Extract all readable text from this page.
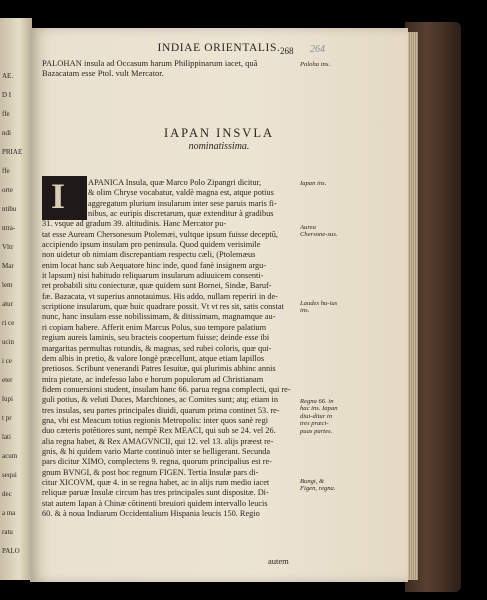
AE.
D I
ffe
ndi
PRIAE
ffe
orte
ntibu
ntra-
Vltr
Mar
lem
atur
ri ce
ucin
i ce
eter
lupi
t pr
lati
acum
sequi
dec
a ma
ratu
PALO
INDIAE ORIENTALIS. 268 264
PALOHAN insula ad Occasum harum Philippinarum iacet, quã
Bazacatam esse Ptol. vult Mercator.
Paloha ins.
IAPAN INSVLA
nominatissima.
I	APANICA Insula, quæ Marco Polo Zipangri dicitur,
& olim Chryse vocabatur, valdè magna est, atque potius
aggregatum plurium insularum inter sese paruis maris fi-
nibus, ac euripis discretarum, quæ extenditur à gradibus
31. vsque ad gradum 39. altitudinis. Hanc Mercator pu-
tat esse Auream Chersonesum Ptolemæi, vultque ipsum fuisse deceptũ,
accipiendo ipsum insulam pro peninsula. Quod quidem verisimile
non uidetur ob nimiam discrepantiam respectu cæli, (Ptolemæus
enim locat hanc sub Aequatore hinc inde, quod fanè insignem argu-
it lapsum) nisi habitudo reliquarum insularum adiuuicem consenti-
ret probabili situ coniecturæ, quæ quidem sunt Bornei, Sindæ, Baruf-
fæ. Bazacata, vt superius annotauimus. His addo, nullam reperiri in de-
scriptione insularum, quæ huic quadrare possit. Vt vt res sit, satis constat
nunc, hanc insulam esse nobilissimam, & ditissimam, magnamque au-
ri copiam habere. Afferit enim Marcus Polus, suo tempore palatium
regium aureis laminis, seu bracteis coopertum fuisse; deinde esse ibi
margaritas permultas rotundis, & magnas, sed rubei coloris, quæ qui-
dem albis in pretio, & valore longè præcellunt, atque etiam lapillos
pretiosos. Scribunt venerandi Patres Iesuitæ, qui plurimis abhinc annis
mira pietate, ac indefesso labo e horum populorum ad Christianam
fidem conuersioni student, insulam hanc 66. parua regna complecti, qui re-
guli potius, & veluti Duces, Marchiones, ac Comites sunt; atq; etiam in
tres insulas, seu partes principales diuidi, quarum prima continet 53. re-
gna, vbi est Meacum totius regionis Metropolis: inter quos sanè regi
duo cæteris potētiores sunt, nempè Rex MEACI, qui sub se 24. vel 26.
alia regna habet, & Rex AMAGVNCII, qui 12. vel 13. alijs præest re-
gnis, & hi quidem vario Marte continuò inter se belligerant. Secunda
pars dicitur XIMO, complectens 9. regna, quorum principalius est re-
gnum BVNGI, & post hoc regnum FIGEN. Tertia Insulæ pars di-
citur XICOVM, quæ 4. in se regna habet, ac in alijs rum medio iacet
reliquæ paruæ Insulæ circum has tres principales sunt dispositæ. Di-
stat autem Iapan à Chinæ cōtinenti breuiori quidem intervallo leucis
60. & à noua Indiarum Occidentalium Hispania leucis 150. Regio
Iapan ins.
Aurea Chersone-sus.
Laudes hu-ius ins.
Regna 66. in hac ins. Iapan diui-ditur in tres præci-puas partes.
Bungi, & Figen, regna.
autem
